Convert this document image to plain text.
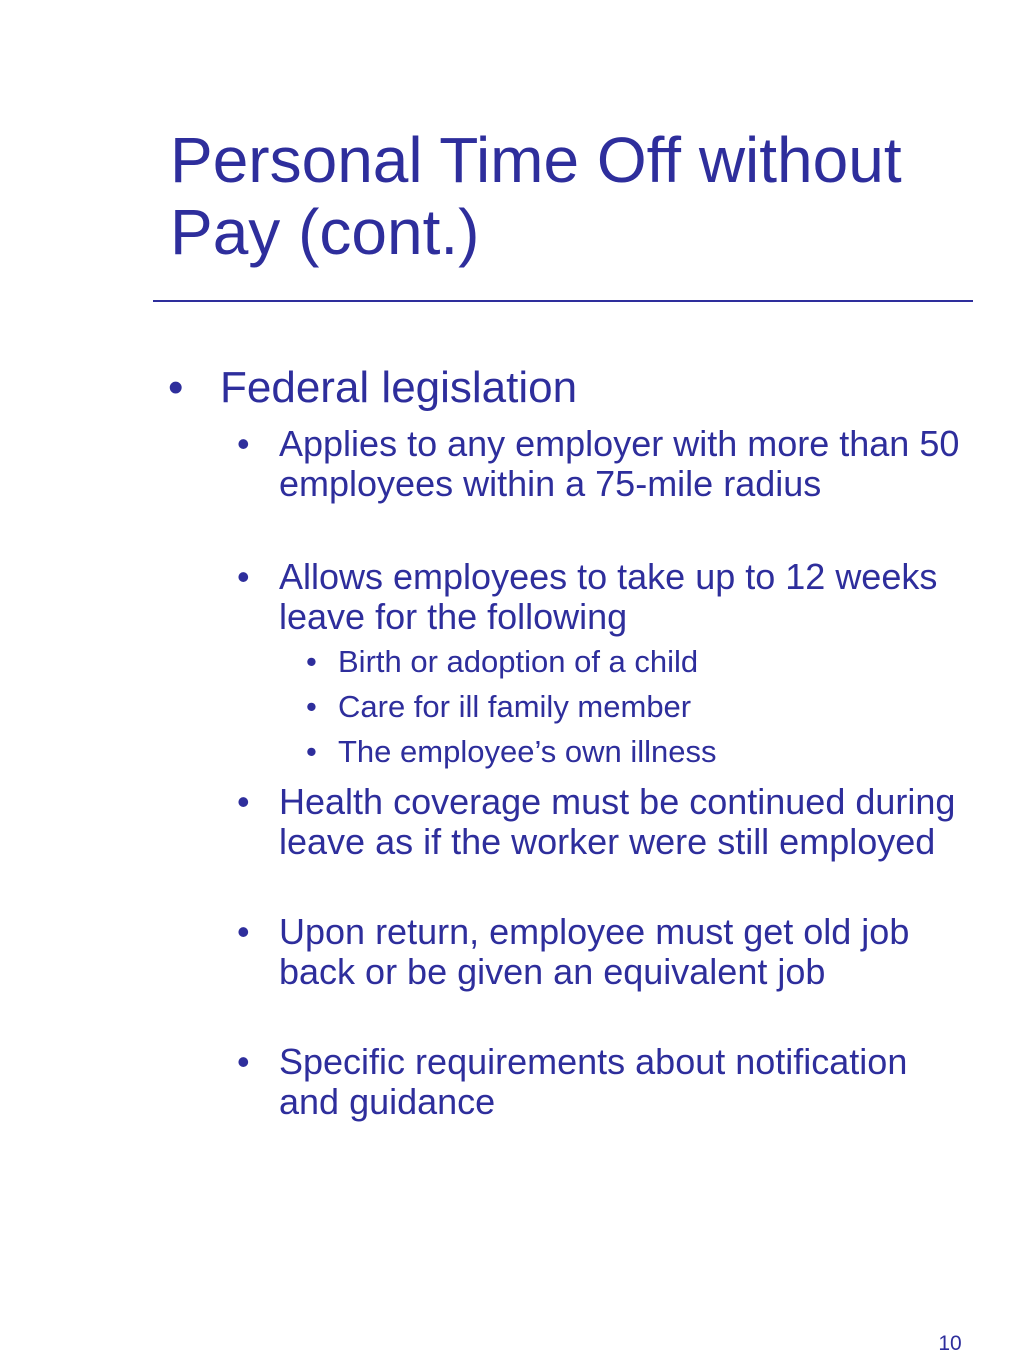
Personal Time Off without
Pay (cont.)
• Federal legislation
• Applies to any employer with more than 50 employees within a 75-mile radius
• Allows employees to take up to 12 weeks leave for the following
• Birth or adoption of a child
• Care for ill family member
• The employee’s own illness
• Health coverage must be continued during leave as if the worker were still employed
• Upon return, employee must get old job back or be given an equivalent job
• Specific requirements about notification and guidance
10
